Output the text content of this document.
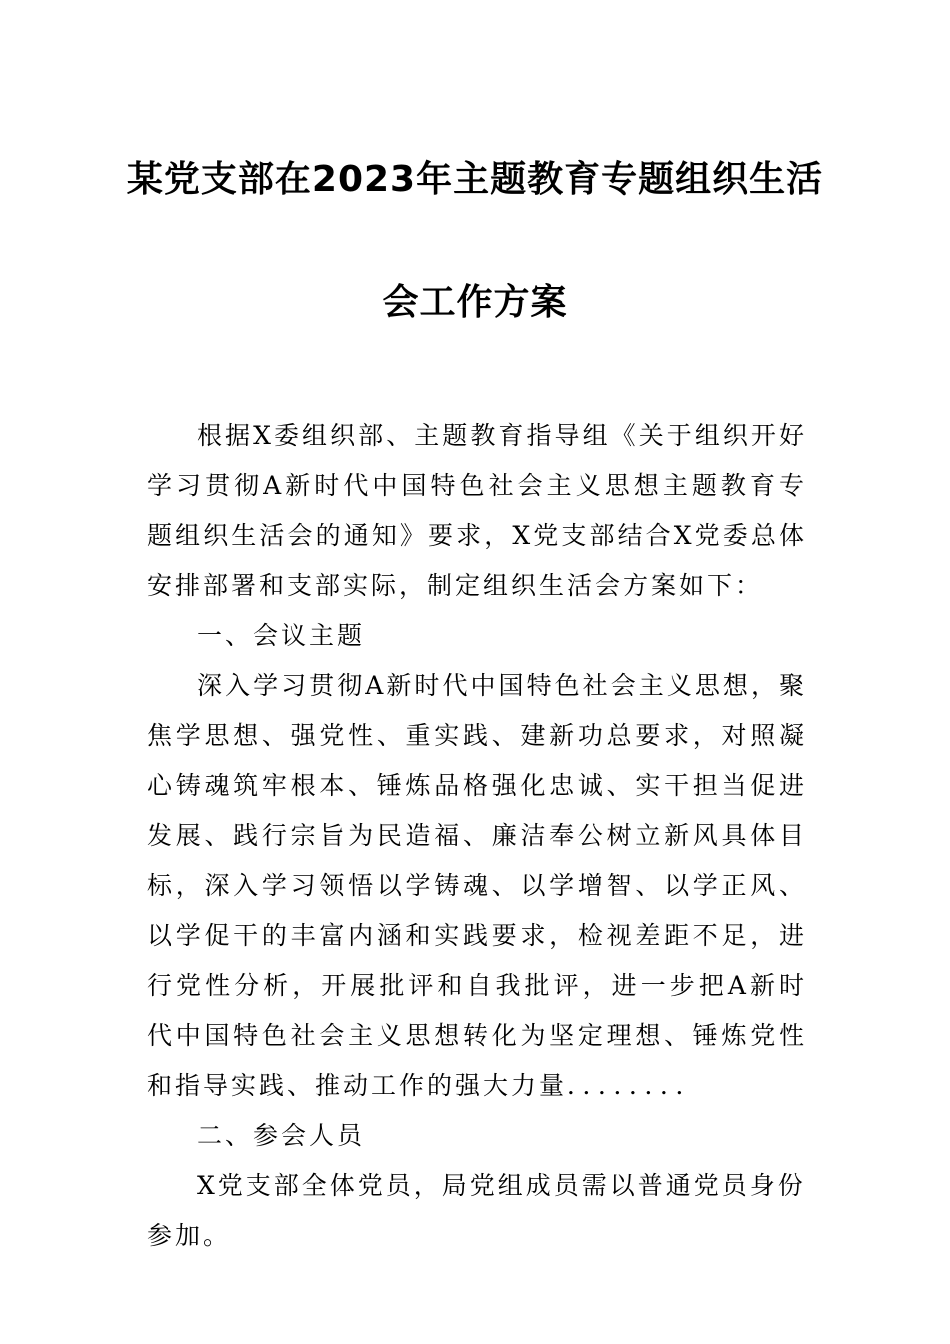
某党支部在2023年主题教育专题组织生活
会工作方案

根据X委组织部、主题教育指导组《关于组织开好学习贯彻A新时代中国特色社会主义思想主题教育专题组织生活会的通知》要求，X党支部结合X党委总体安排部署和支部实际，制定组织生活会方案如下：

一、会议主题

深入学习贯彻A新时代中国特色社会主义思想，聚焦学思想、强党性、重实践、建新功总要求，对照凝心铸魂筑牢根本、锤炼品格强化忠诚、实干担当促进发展、践行宗旨为民造福、廉洁奉公树立新风具体目标，深入学习领悟以学铸魂、以学增智、以学正风、以学促干的丰富内涵和实践要求，检视差距不足，进行党性分析，开展批评和自我批评，进一步把A新时代中国特色社会主义思想转化为坚定理想、锤炼党性和指导实践、推动工作的强大力量．．．．．．．．

二、参会人员

X党支部全体党员，局党组成员需以普通党员身份参加。
